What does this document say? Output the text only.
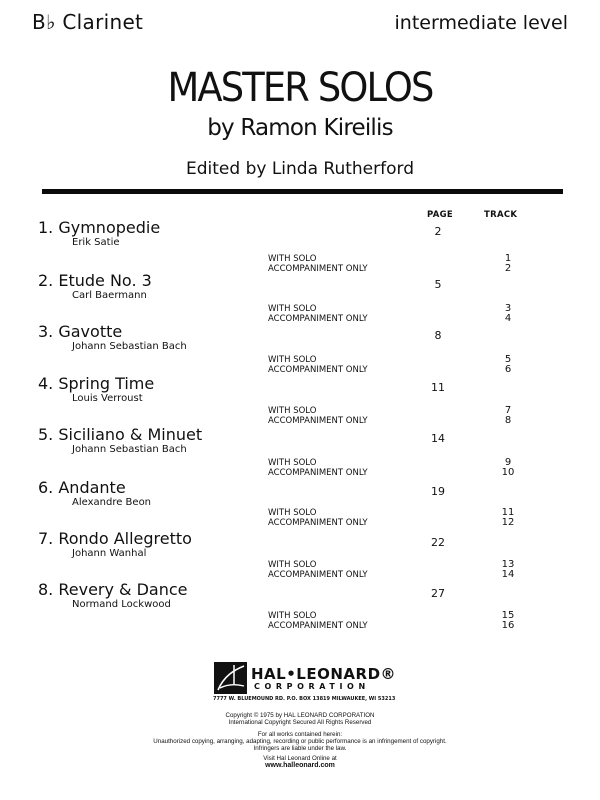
B♭ Clarinet	intermediate level
MASTER SOLOS
by Ramon Kireilis
Edited by Linda Rutherford
PAGE	TRACK
1. Gymnopedie
Erik Satie
2
WITH SOLO
ACCOMPANIMENT ONLY
1
2
2. Etude No. 3
Carl Baermann
5
WITH SOLO
ACCOMPANIMENT ONLY
3
4
3. Gavotte
Johann Sebastian Bach
8
WITH SOLO
ACCOMPANIMENT ONLY
5
6
4. Spring Time
Louis Verroust
11
WITH SOLO
ACCOMPANIMENT ONLY
7
8
5. Siciliano & Minuet
Johann Sebastian Bach
14
WITH SOLO
ACCOMPANIMENT ONLY
9
10
6. Andante
Alexandre Beon
19
WITH SOLO
ACCOMPANIMENT ONLY
11
12
7. Rondo Allegretto
Johann Wanhal
22
WITH SOLO
ACCOMPANIMENT ONLY
13
14
8. Revery & Dance
Normand Lockwood
27
WITH SOLO
ACCOMPANIMENT ONLY
15
16
HAL•LEONARD®
CORPORATION
7777 W. BLUEMOUND RD. P.O. BOX 13819 MILWAUKEE, WI 53213
Copyright © 1975 by HAL LEONARD CORPORATION
International Copyright Secured All Rights Reserved
For all works contained herein:
Unauthorized copying, arranging, adapting, recording or public performance is an infringement of copyright.
Infringers are liable under the law.
Visit Hal Leonard Online at
www.halleonard.com
